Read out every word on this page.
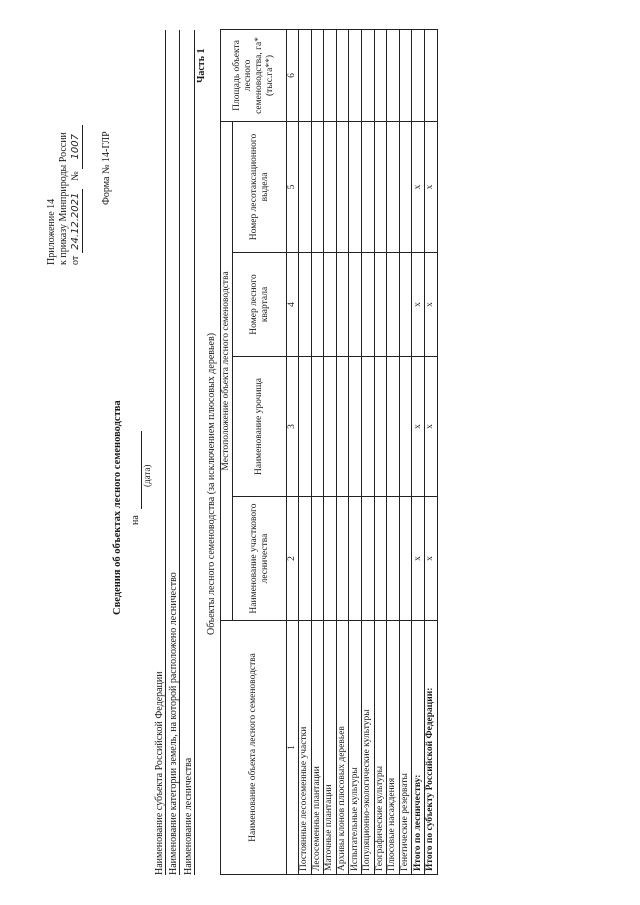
Приложение 14 к приказу Минприроды России от 24.12.2021 № 1007 Форма № 14-ГЛР
Сведения об объектах лесного семеноводства на
(дата)
Наименование субъекта Российской Федерации Наименование категории земель, на которой расположено лесничество Наименование лесничества
Часть 1
Объекты лесного семеноводства (за исключением плюсовых деревьев)
Наименование объекта лесного семеноводства	Местоположение объекта лесного семеноводства				Площадь объекта лесного семеноводства, га*(тыс.га**)
	Наименование участкового лесничества	Наименование урочища	Номер лесного квартала	Номер лесотаксационного выдела	
1	2	3	4	5	6
Постоянные лесосеменные участки					
Лесосеменные плантации					
Маточные плантации					
Архивы клонов плюсовых деревьев					
Испытательные культуры					
Популяционно-экологические культуры					
Географические культуры					
Плюсовые насаждения					
Генетические резерваты					
Итого по лесничеству:	x	x	x	x	
Итого по субъекту Российской Федерации:	x	x	x	x	
